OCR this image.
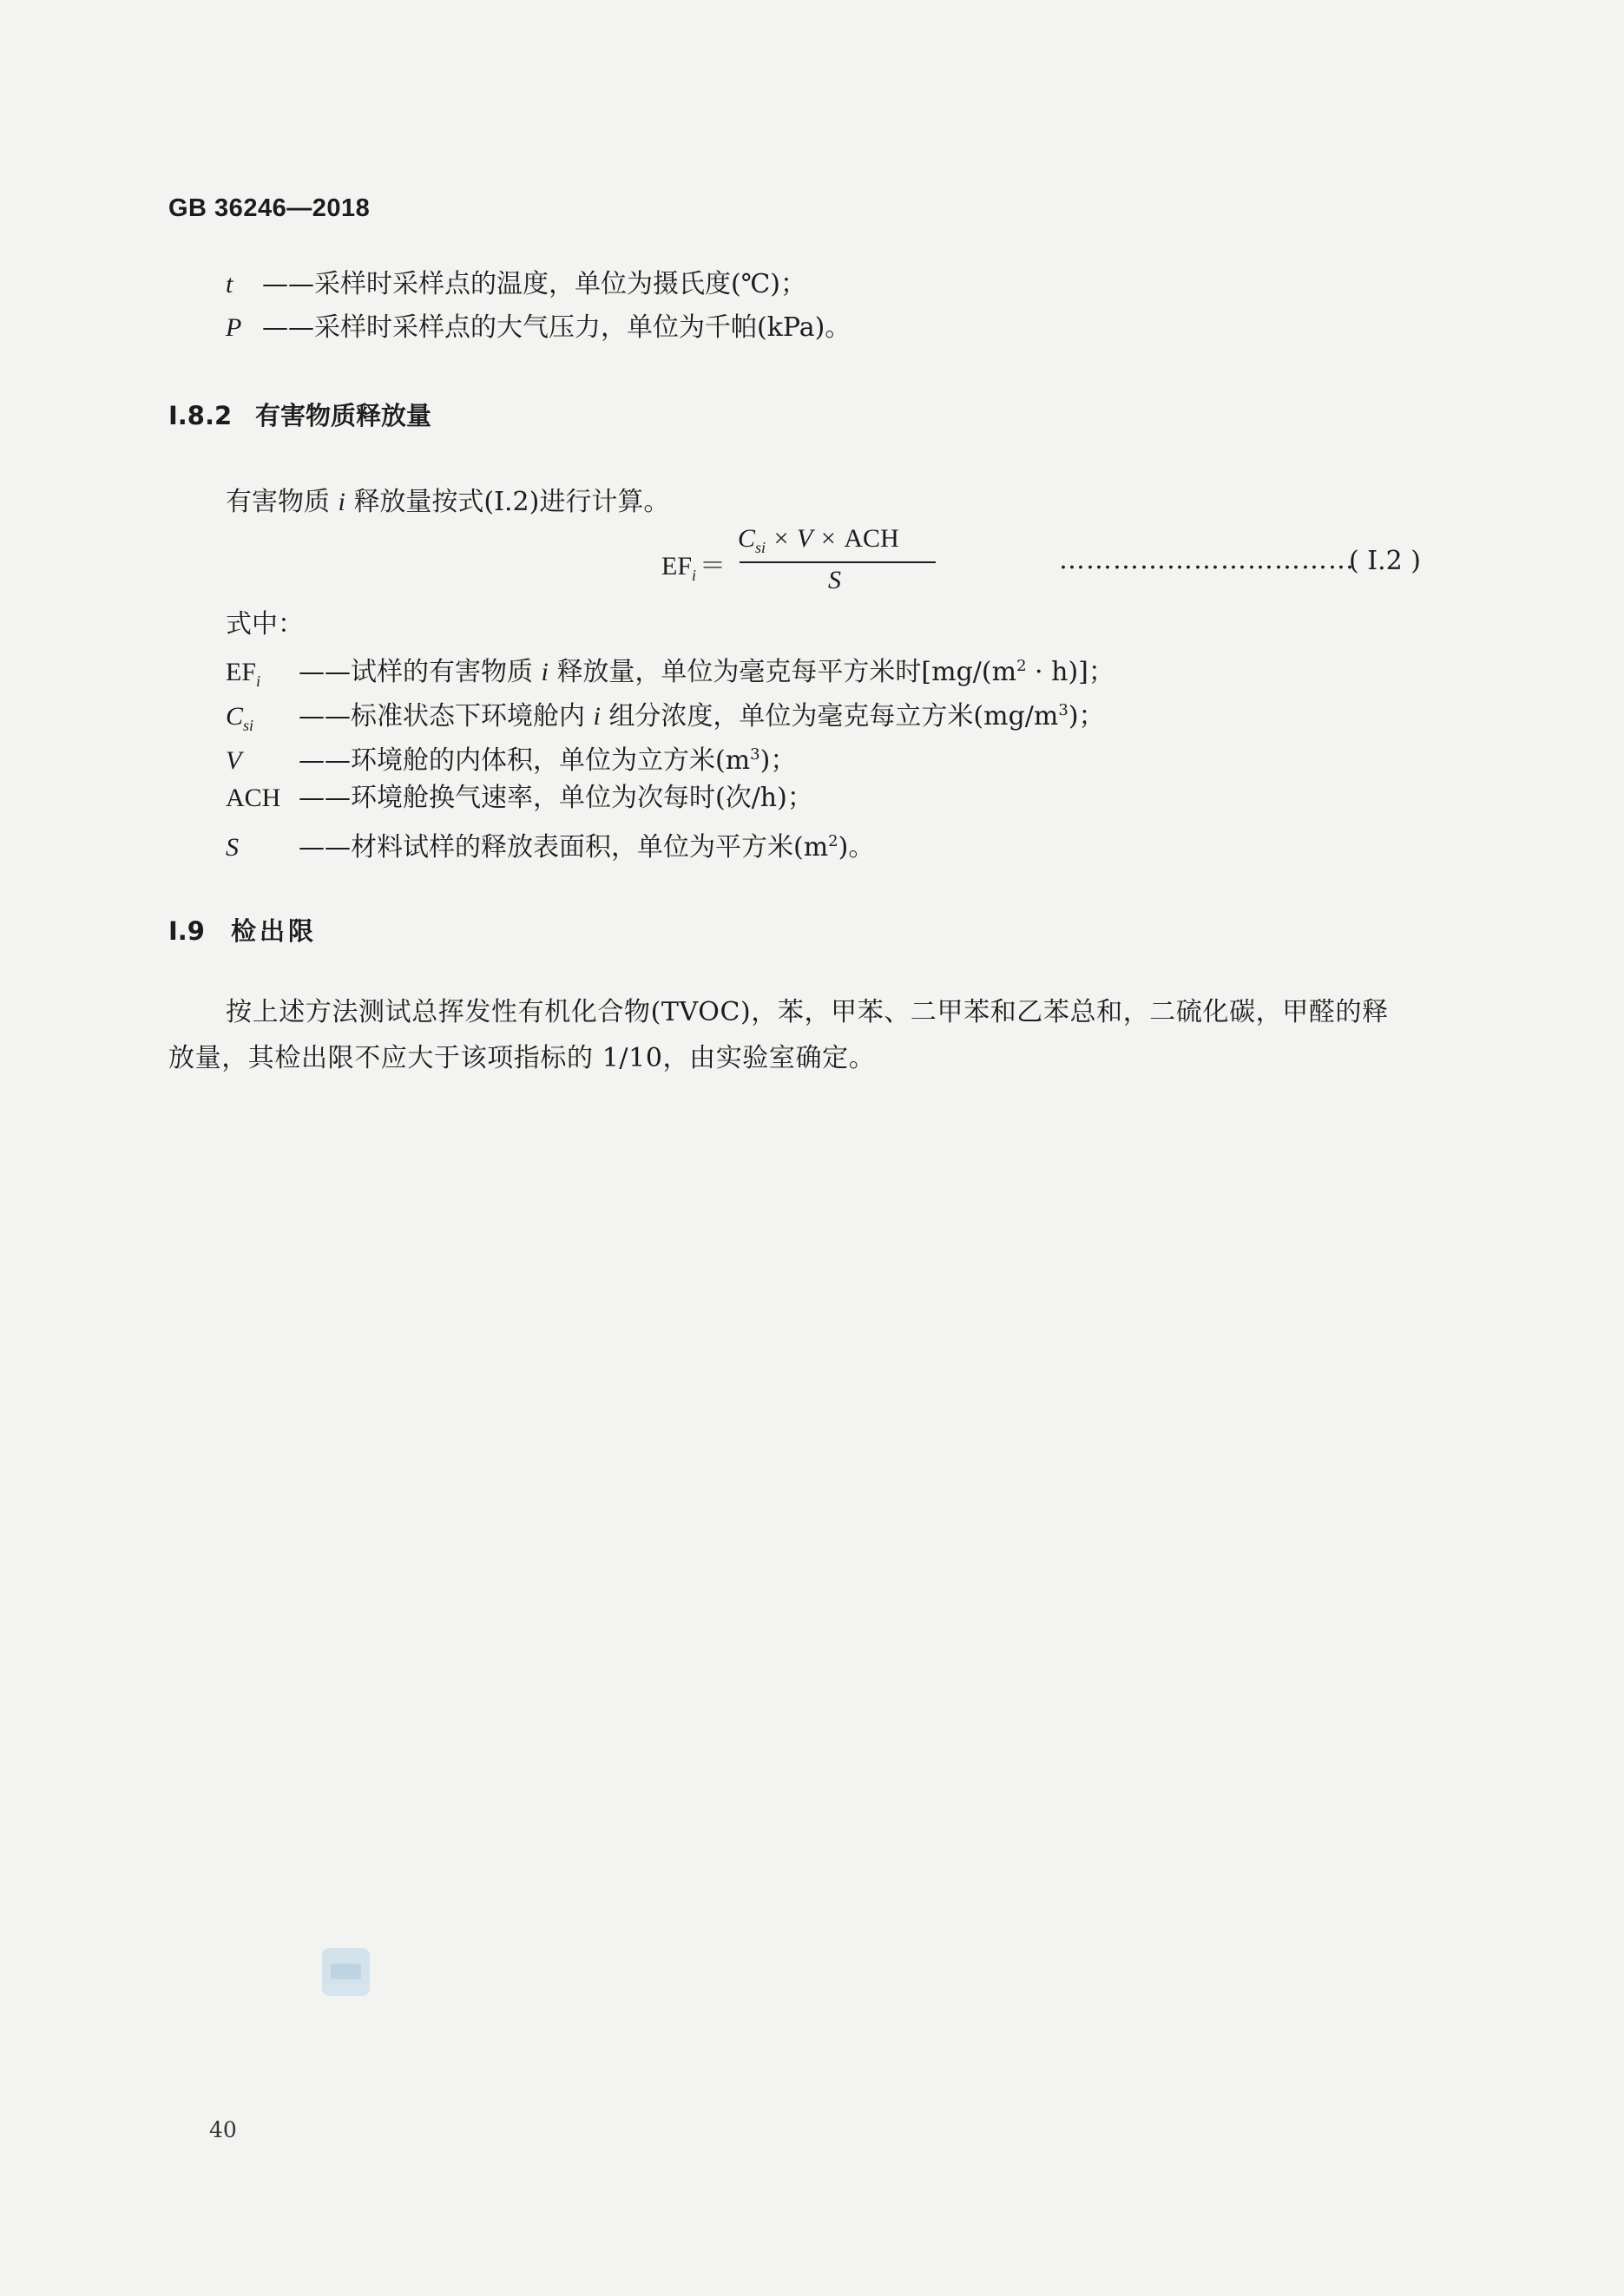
GB 36246—2018
t ——采样时采样点的温度，单位为摄氏度(℃)；
P ——采样时采样点的大气压力，单位为千帕(kPa)。
I.8.2 有害物质释放量
有害物质 i 释放量按式(I.2)进行计算。
$EF_i$ ＝
$C_{si} \times V$ × ACH
S
……………………………
( I.2 )
式中：
$EF_i$ ——试样的有害物质 i 释放量，单位为毫克每平方米时$[mg/(m^2 \cdot h)]$；
$C_{si}$ ——标准状态下环境舱内 i 组分浓度，单位为毫克每立方米$(mg/m^3)$；
V ——环境舱的内体积，单位为立方米$(m^3)$；
ACH ——环境舱换气速率，单位为次每时(次/h)；
S ——材料试样的释放表面积，单位为平方米$(m^2)$。
I.9 检出限
按上述方法测试总挥发性有机化合物(TVOC)，苯，甲苯、二甲苯和乙苯总和，二硫化碳，甲醛的释
放量，其检出限不应大于该项指标的 1/10，由实验室确定。
40
